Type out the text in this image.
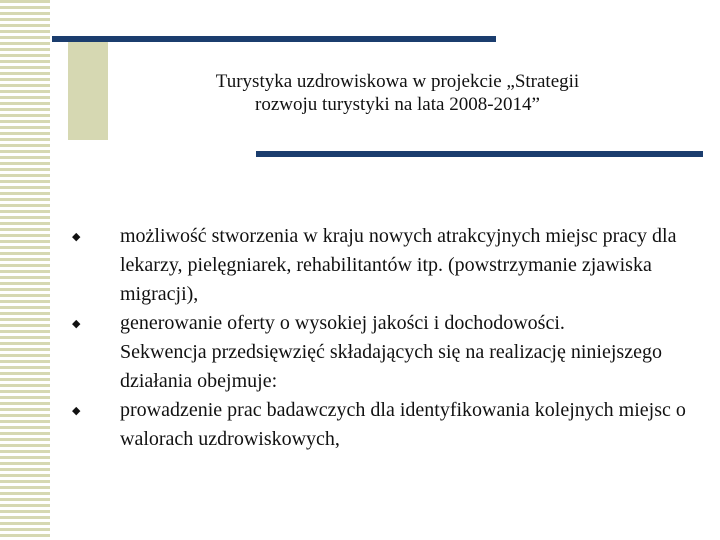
Turystyka uzdrowiskowa w projekcie „Strategii
rozwoju turystyki na lata 2008-2014”
◆	możliwość stworzenia w kraju nowych atrakcyjnych miejsc pracy dla lekarzy, pielęgniarek, rehabilitantów itp. (powstrzymanie zjawiska migracji),
◆	generowanie oferty o wysokiej jakości i dochodowości.
Sekwencja przedsięwzięć składających się na realizację niniejszego działania obejmuje:
◆	prowadzenie prac badawczych dla identyfikowania kolejnych miejsc o walorach uzdrowiskowych,
